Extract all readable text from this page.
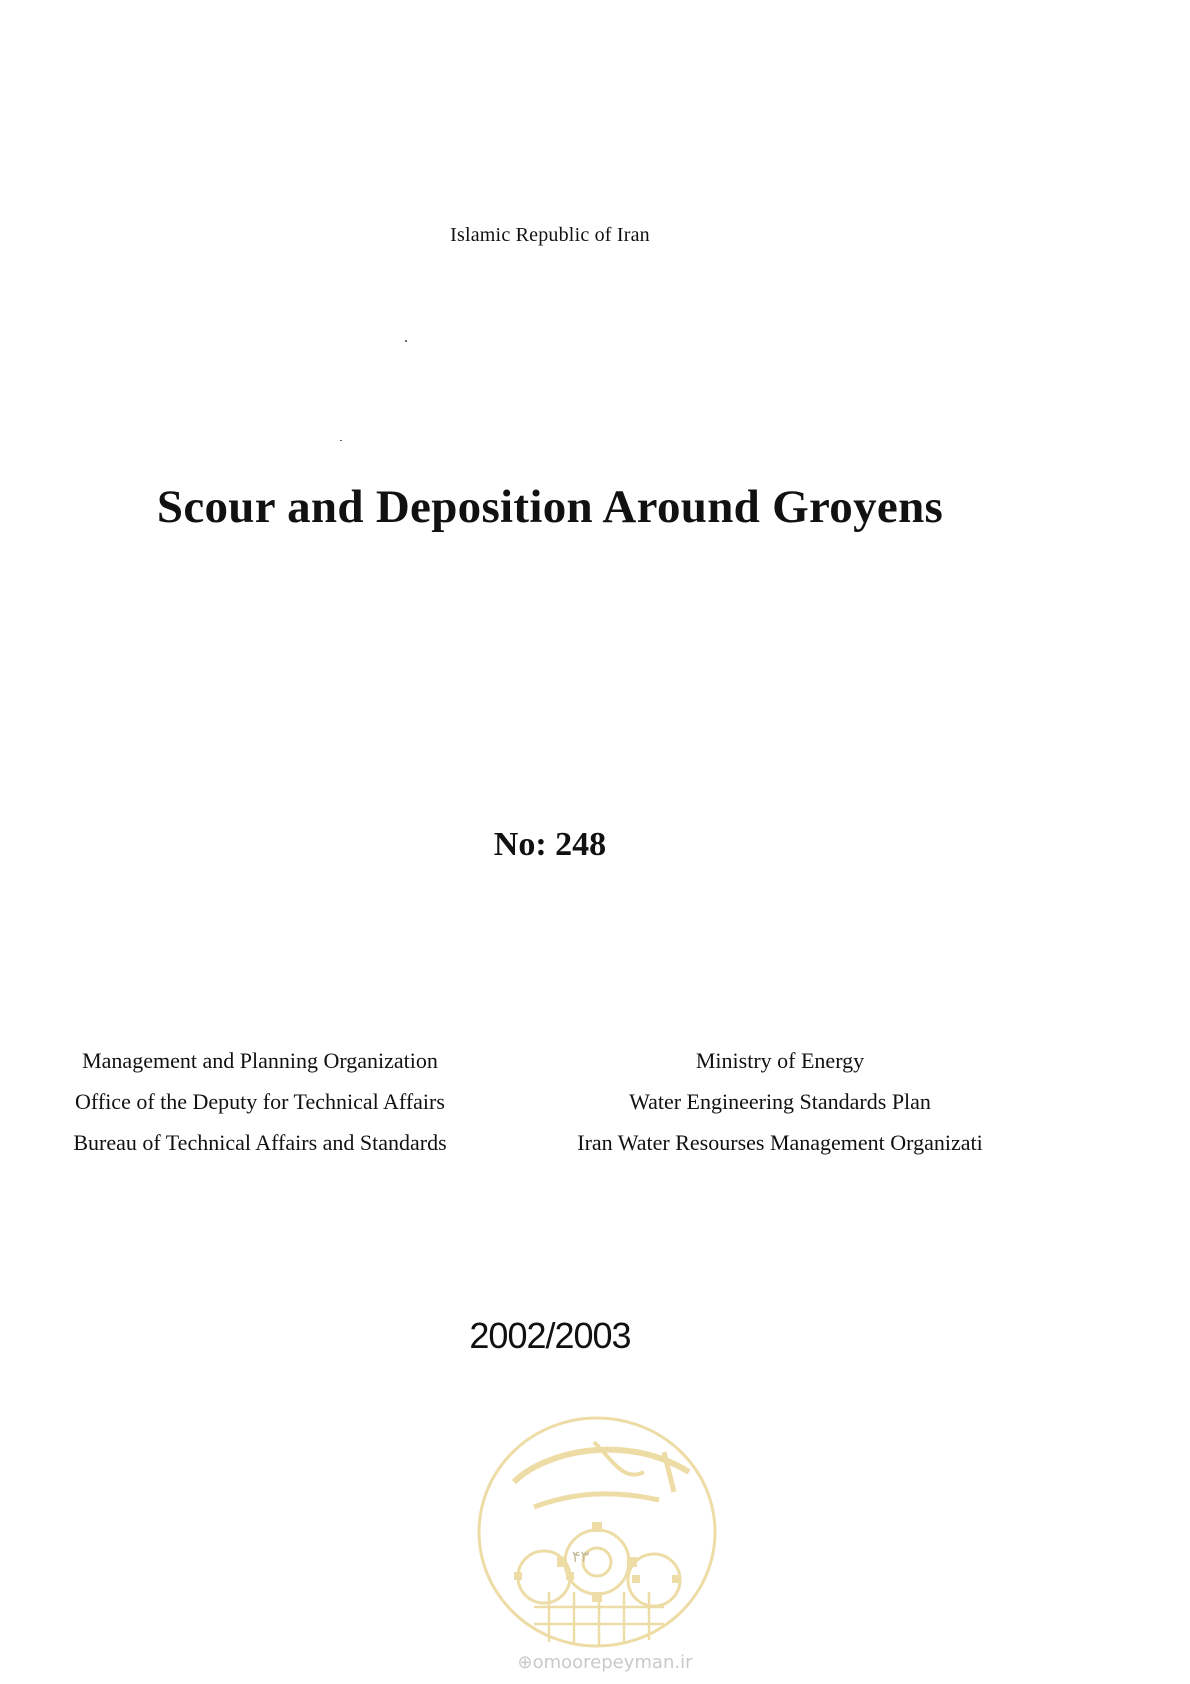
Islamic Republic of Iran
Scour and Deposition Around Groyens
No: 248
Management and Planning Organization
Office of the Deputy for Technical Affairs
Bureau of Technical Affairs and Standards
Ministry of Energy
Water Engineering Standards Plan
Iran Water Resourses Management Organizati
2002/2003
۴۳
⊕omoorepeyman.ir
